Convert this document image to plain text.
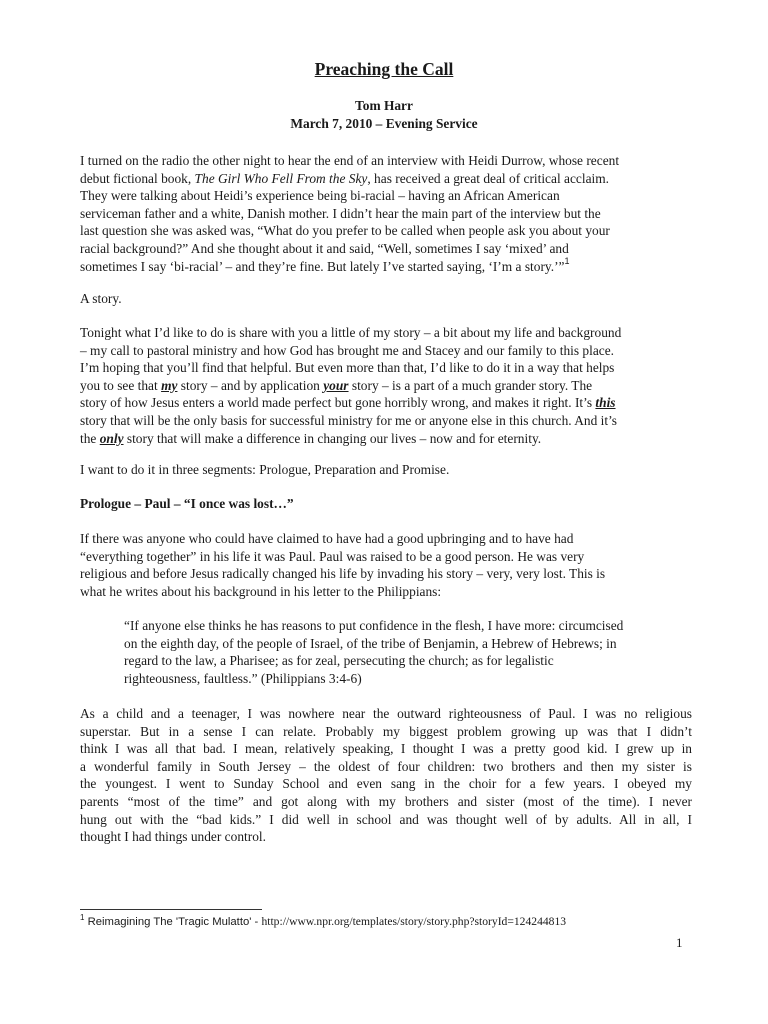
Preaching the Call
Tom Harr
March 7, 2010 – Evening Service
I turned on the radio the other night to hear the end of an interview with Heidi Durrow, whose recent
debut fictional book, The Girl Who Fell From the Sky, has received a great deal of critical acclaim.
They were talking about Heidi’s experience being bi-racial – having an African American
serviceman father and a white, Danish mother. I didn’t hear the main part of the interview but the
last question she was asked was, “What do you prefer to be called when people ask you about your
racial background?” And she thought about it and said, “Well, sometimes I say ‘mixed’ and
sometimes I say ‘bi-racial’ – and they’re fine. But lately I’ve started saying, ‘I’m a story.’”$^1$
A story.
Tonight what I’d like to do is share with you a little of my story – a bit about my life and background
– my call to pastoral ministry and how God has brought me and Stacey and our family to this place.
I’m hoping that you’ll find that helpful. But even more than that, I’d like to do it in a way that helps
you to see that my story – and by application your story – is a part of a much grander story. The
story of how Jesus enters a world made perfect but gone horribly wrong, and makes it right. It’s this
story that will be the only basis for successful ministry for me or anyone else in this church. And it’s
the only story that will make a difference in changing our lives – now and for eternity.
I want to do it in three segments: Prologue, Preparation and Promise.
Prologue – Paul – “I once was lost…”
If there was anyone who could have claimed to have had a good upbringing and to have had
“everything together” in his life it was Paul. Paul was raised to be a good person. He was very
religious and before Jesus radically changed his life by invading his story – very, very lost. This is
what he writes about his background in his letter to the Philippians:
“If anyone else thinks he has reasons to put confidence in the flesh, I have more: circumcised
on the eighth day, of the people of Israel, of the tribe of Benjamin, a Hebrew of Hebrews; in
regard to the law, a Pharisee; as for zeal, persecuting the church; as for legalistic
righteousness, faultless.” (Philippians 3:4-6)
As a child and a teenager, I was nowhere near the outward righteousness of Paul. I was no religious
superstar. But in a sense I can relate. Probably my biggest problem growing up was that I didn’t
think I was all that bad. I mean, relatively speaking, I thought I was a pretty good kid. I grew up in
a wonderful family in South Jersey – the oldest of four children: two brothers and then my sister is
the youngest. I went to Sunday School and even sang in the choir for a few years. I obeyed my
parents “most of the time” and got along with my brothers and sister (most of the time). I never
hung out with the “bad kids.” I did well in school and was thought well of by adults. All in all, I
thought I had things under control.
$^1$ Reimagining The 'Tragic Mulatto' - http://www.npr.org/templates/story/story.php?storyId=124244813
1
